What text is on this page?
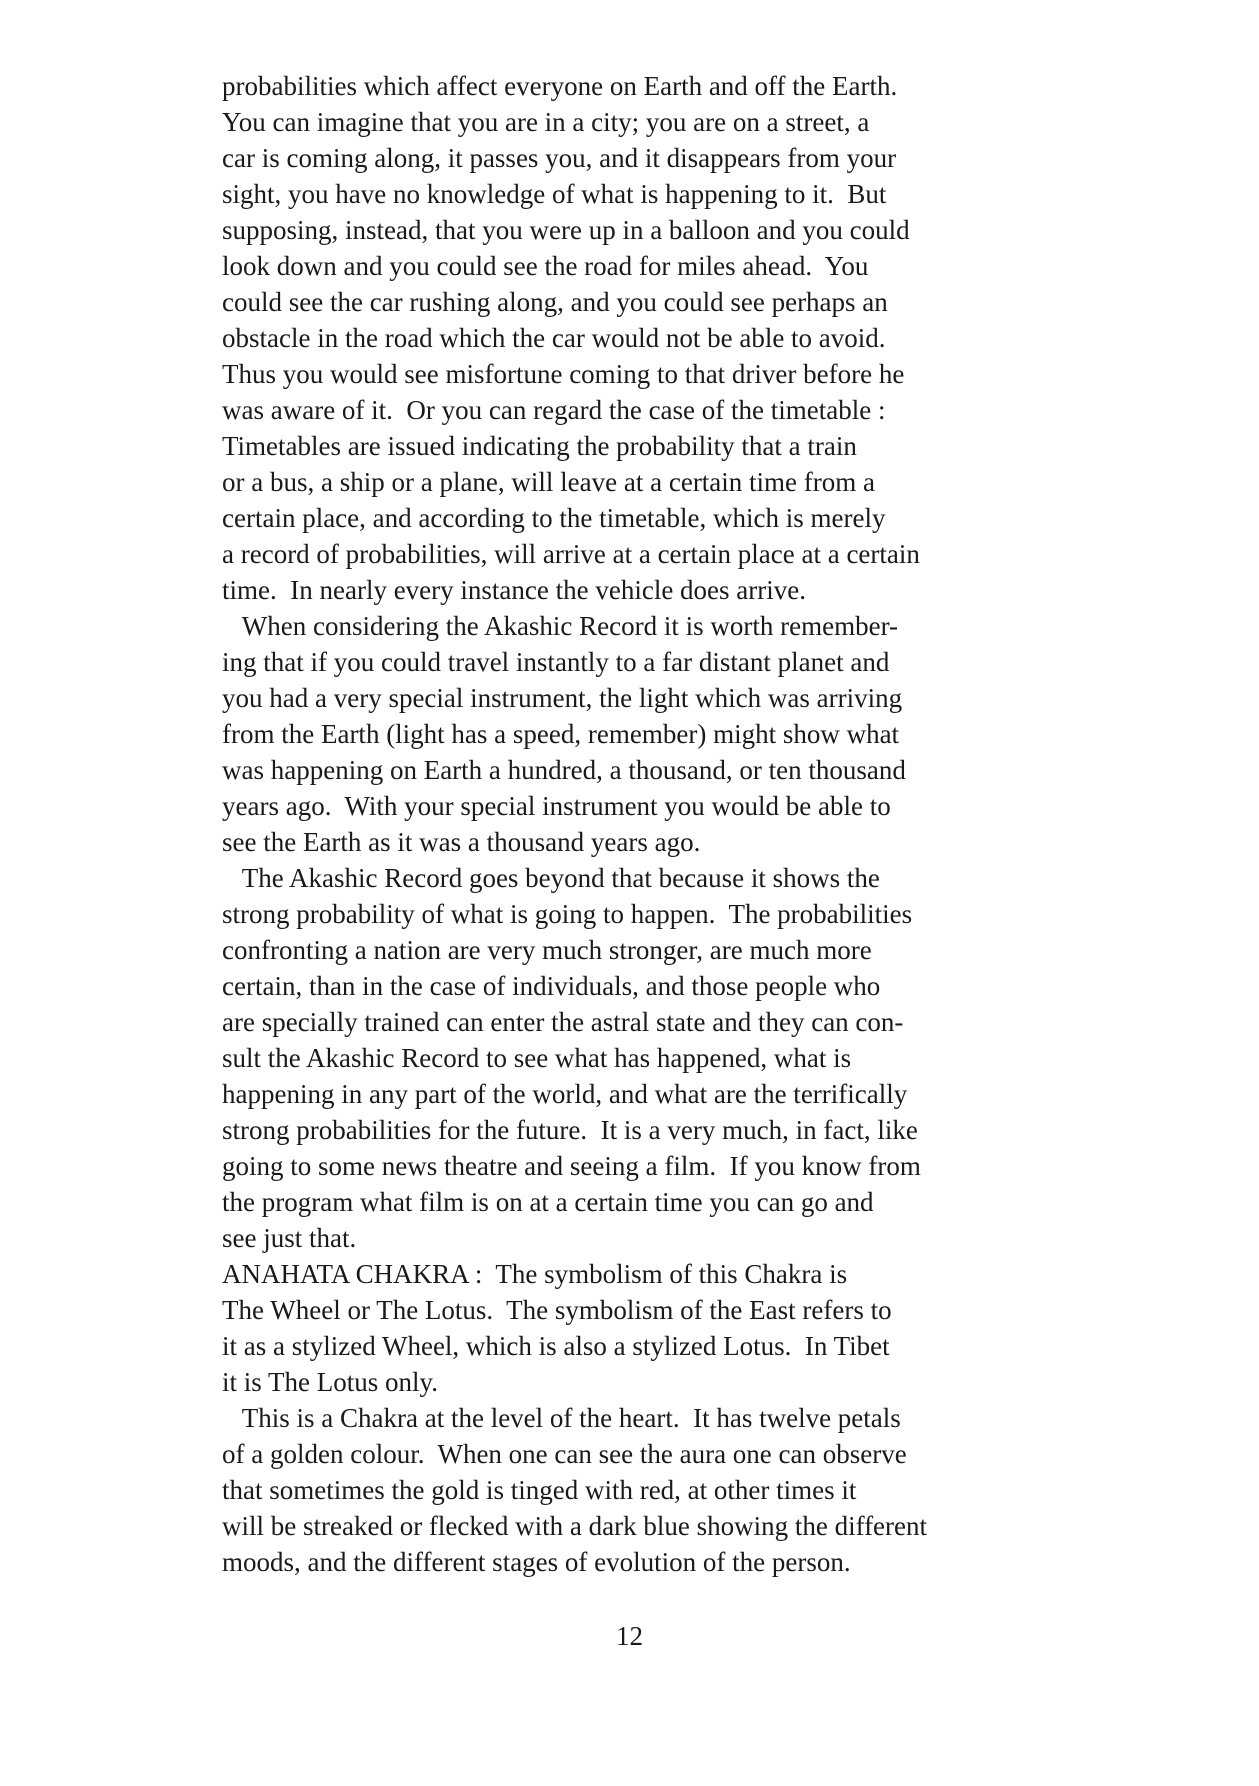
probabilities which affect everyone on Earth and off the Earth.
You can imagine that you are in a city; you are on a street, a
car is coming along, it passes you, and it disappears from your
sight, you have no knowledge of what is happening to it.  But
supposing, instead, that you were up in a balloon and you could
look down and you could see the road for miles ahead.  You
could see the car rushing along, and you could see perhaps an
obstacle in the road which the car would not be able to avoid.
Thus you would see misfortune coming to that driver before he
was aware of it.  Or you can regard the case of the timetable :
Timetables are issued indicating the probability that a train
or a bus, a ship or a plane, will leave at a certain time from a
certain place, and according to the timetable, which is merely
a record of probabilities, will arrive at a certain place at a certain
time.  In nearly every instance the vehicle does arrive.
When considering the Akashic Record it is worth remember-
ing that if you could travel instantly to a far distant planet and
you had a very special instrument, the light which was arriving
from the Earth (light has a speed, remember) might show what
was happening on Earth a hundred, a thousand, or ten thousand
years ago.  With your special instrument you would be able to
see the Earth as it was a thousand years ago.
The Akashic Record goes beyond that because it shows the
strong probability of what is going to happen.  The probabilities
confronting a nation are very much stronger, are much more
certain, than in the case of individuals, and those people who
are specially trained can enter the astral state and they can con-
sult the Akashic Record to see what has happened, what is
happening in any part of the world, and what are the terrifically
strong probabilities for the future.  It is a very much, in fact, like
going to some news theatre and seeing a film.  If you know from
the program what film is on at a certain time you can go and
see just that.
ANAHATA CHAKRA :  The symbolism of this Chakra is
The Wheel or The Lotus.  The symbolism of the East refers to
it as a stylized Wheel, which is also a stylized Lotus.  In Tibet
it is The Lotus only.
This is a Chakra at the level of the heart.  It has twelve petals
of a golden colour.  When one can see the aura one can observe
that sometimes the gold is tinged with red, at other times it
will be streaked or flecked with a dark blue showing the different
moods, and the different stages of evolution of the person.
12
